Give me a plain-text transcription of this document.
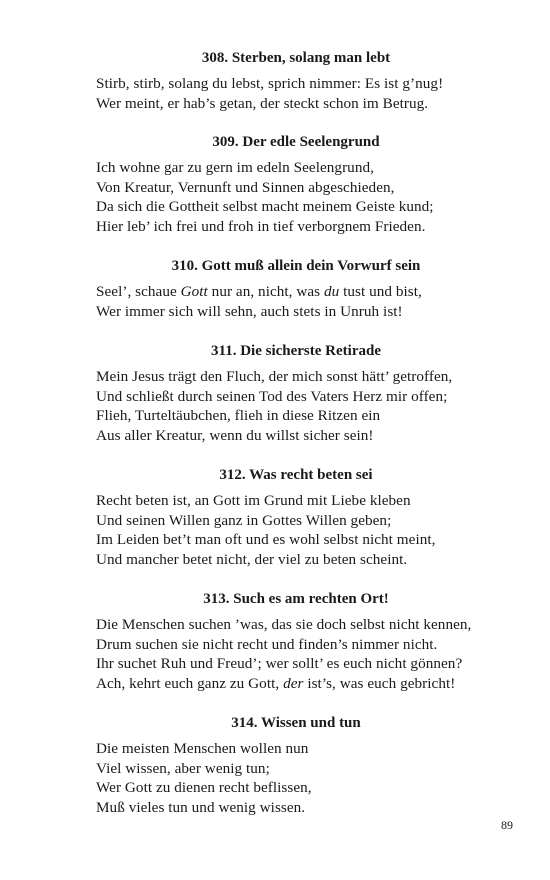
308. Sterben, solang man lebt
Stirb, stirb, solang du lebst, sprich nimmer: Es ist g’nug!
Wer meint, er hab’s getan, der steckt schon im Betrug.
309. Der edle Seelengrund
Ich wohne gar zu gern im edeln Seelengrund,
Von Kreatur, Vernunft und Sinnen abgeschieden,
Da sich die Gottheit selbst macht meinem Geiste kund;
Hier leb’ ich frei und froh in tief verborgnem Frieden.
310. Gott muß allein dein Vorwurf sein
Seel’, schaue Gott nur an, nicht, was du tust und bist,
Wer immer sich will sehn, auch stets in Unruh ist!
311. Die sicherste Retirade
Mein Jesus trägt den Fluch, der mich sonst hätt’ getroffen,
Und schließt durch seinen Tod des Vaters Herz mir offen;
Flieh, Turteltäubchen, flieh in diese Ritzen ein
Aus aller Kreatur, wenn du willst sicher sein!
312. Was recht beten sei
Recht beten ist, an Gott im Grund mit Liebe kleben
Und seinen Willen ganz in Gottes Willen geben;
Im Leiden bet’t man oft und es wohl selbst nicht meint,
Und mancher betet nicht, der viel zu beten scheint.
313. Such es am rechten Ort!
Die Menschen suchen ’was, das sie doch selbst nicht kennen,
Drum suchen sie nicht recht und finden’s nimmer nicht.
Ihr suchet Ruh und Freud’; wer sollt’ es euch nicht gönnen?
Ach, kehrt euch ganz zu Gott, der ist’s, was euch gebricht!
314. Wissen und tun
Die meisten Menschen wollen nun
Viel wissen, aber wenig tun;
Wer Gott zu dienen recht beflissen,
Muß vieles tun und wenig wissen.
89
